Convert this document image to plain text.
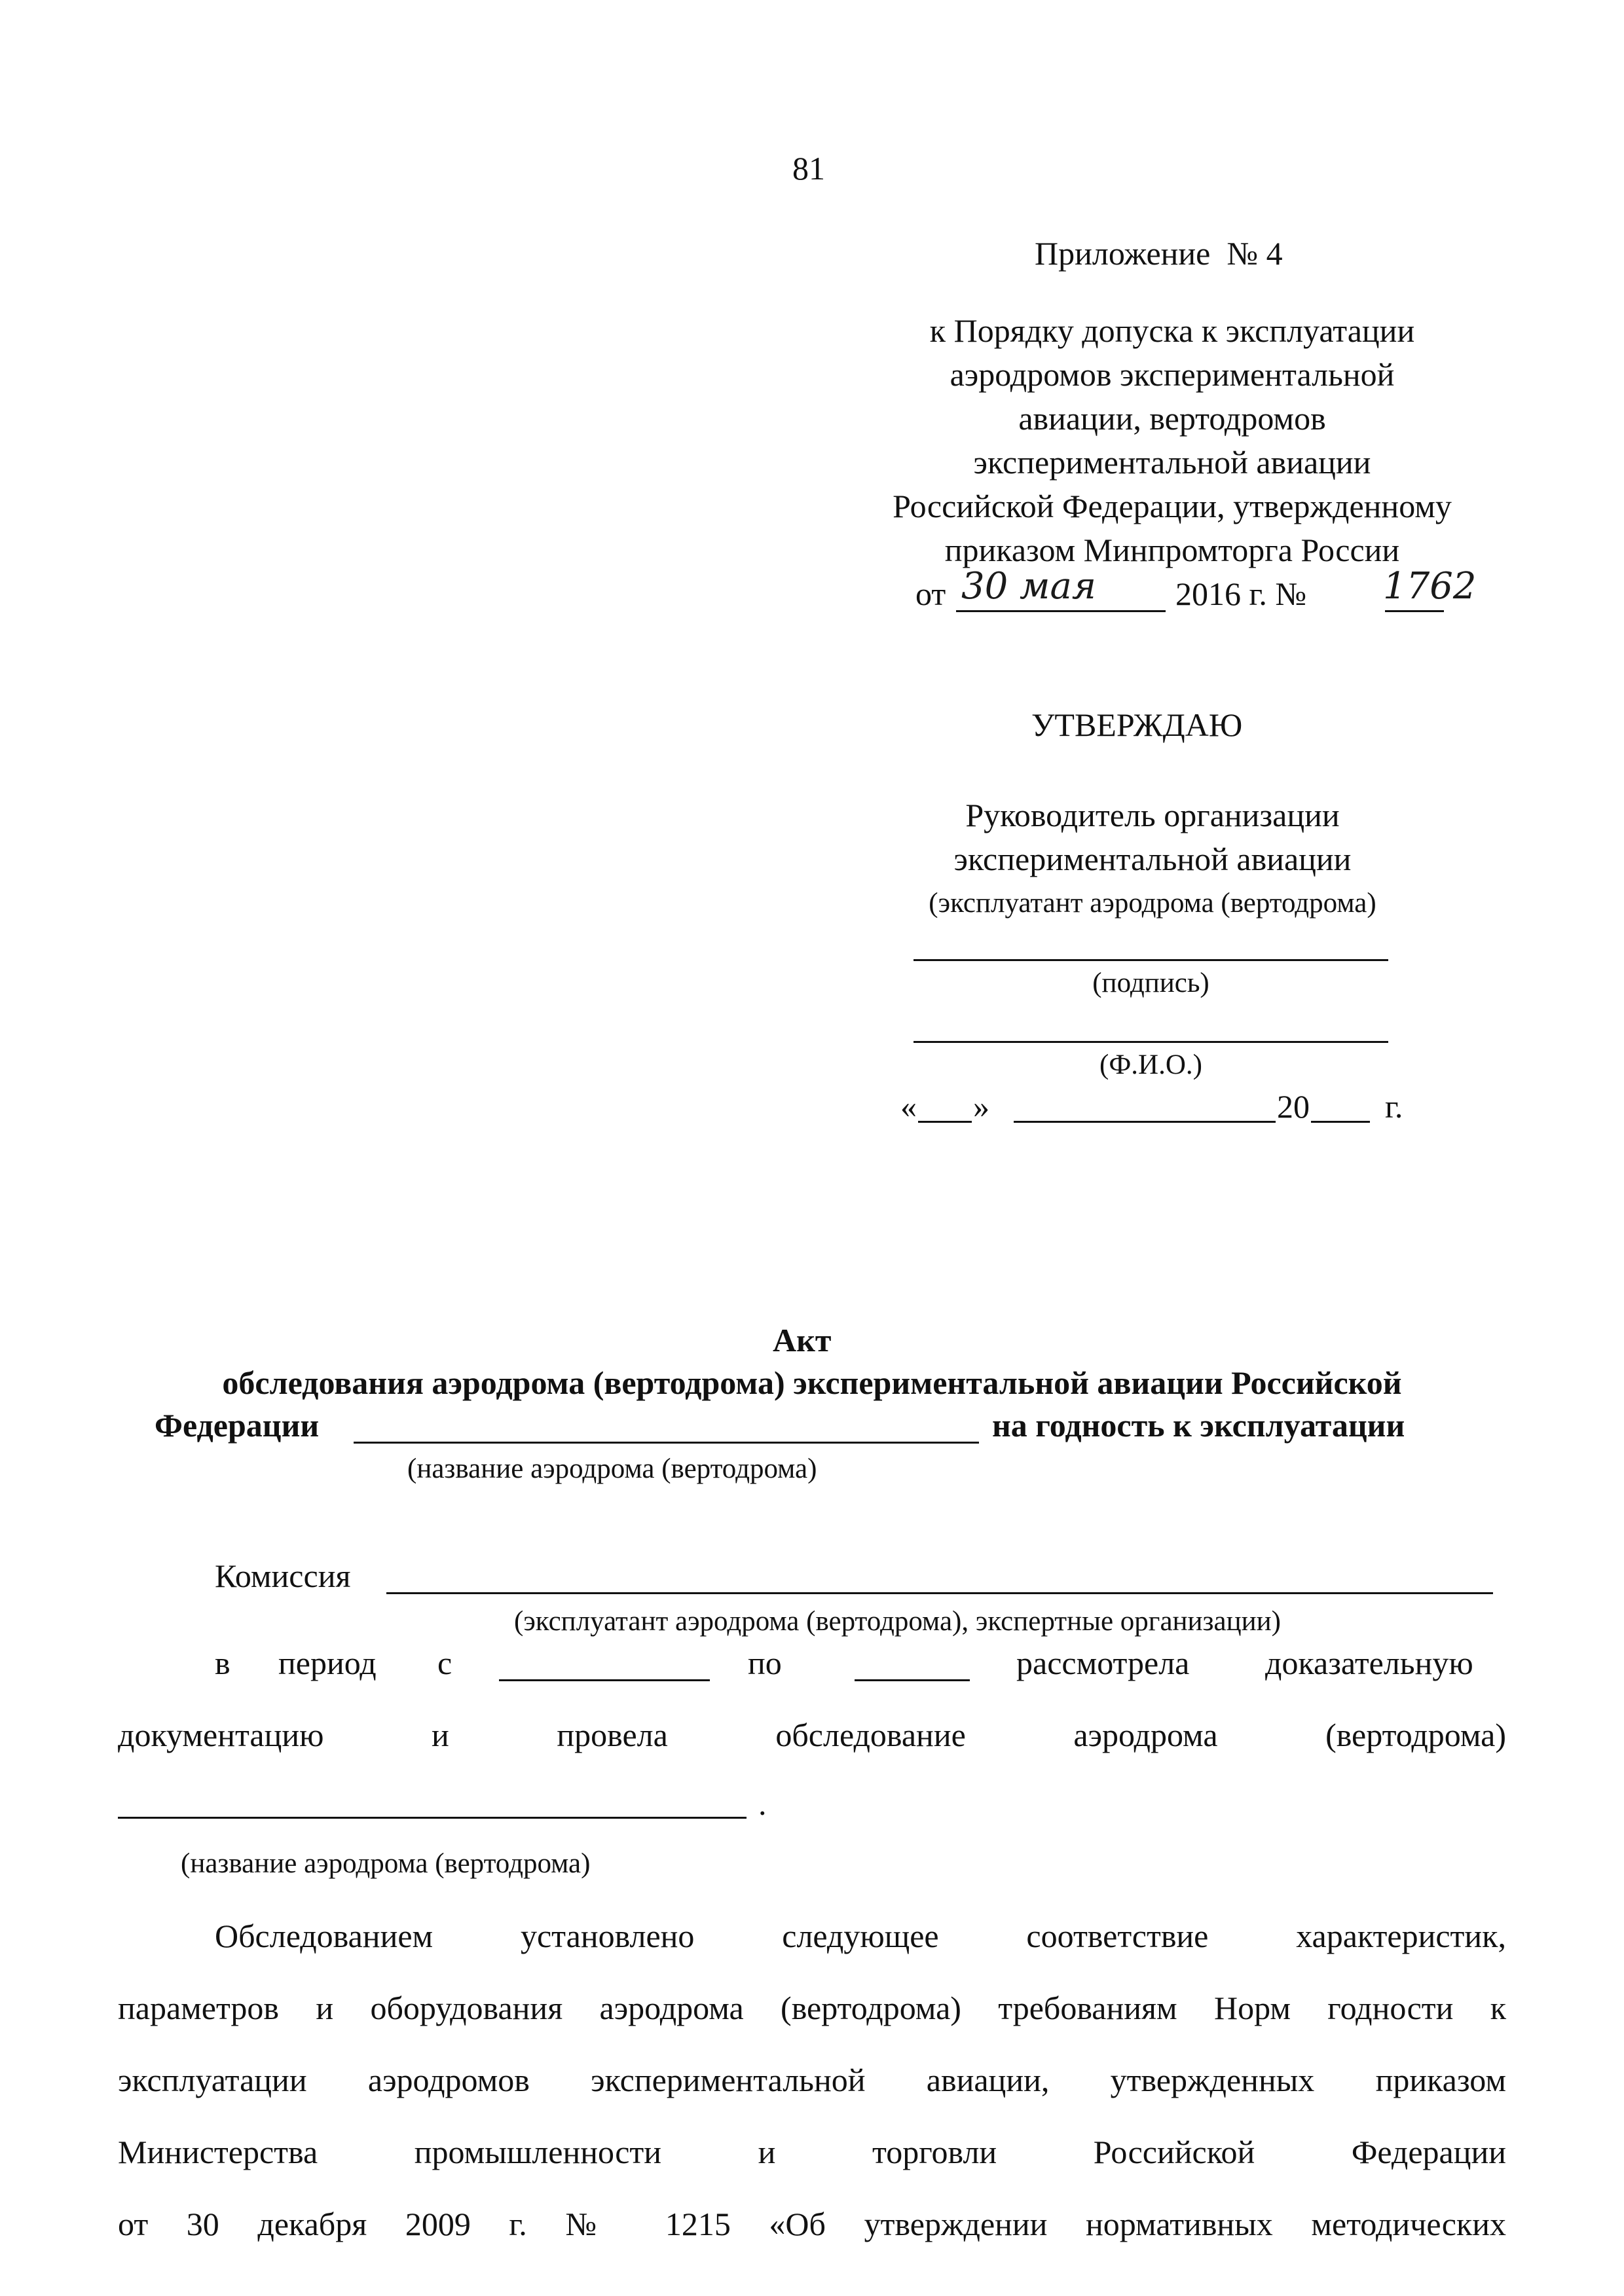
81
Приложение № 4
к Порядку допуска к эксплуатации
аэродромов экспериментальной
авиации, вертодромов
экспериментальной авиации
Российской Федерации, утвержденному
приказом Минпромторга России
от 30 мая 2016 г. № 1762
УТВЕРЖДАЮ
Руководитель организации
экспериментальной авиации
(эксплуатант аэродрома (вертодрома)
(подпись)
(Ф.И.О.)
« »	20 г.
Акт
обследования аэродрома (вертодрома) экспериментальной авиации Российской
Федерации	на годность к эксплуатации
(название аэродрома (вертодрома)
Комиссия
(эксплуатант аэродрома (вертодрома), экспертные организации)
в период с	по	рассмотрела доказательную
документацию	и	провела	обследование	аэродрома	(вертодрома)
.
(название аэродрома (вертодрома)
Обследованием	установлено	следующее	соответствие	характеристик,
параметров и оборудования аэродрома (вертодрома) требованиям Норм годности к
эксплуатации аэродромов экспериментальной авиации, утвержденных приказом
Министерства	промышленности	и	торговли	Российской	Федерации
от 30 декабря 2009 г. № 1215 «Об утверждении нормативных методических
